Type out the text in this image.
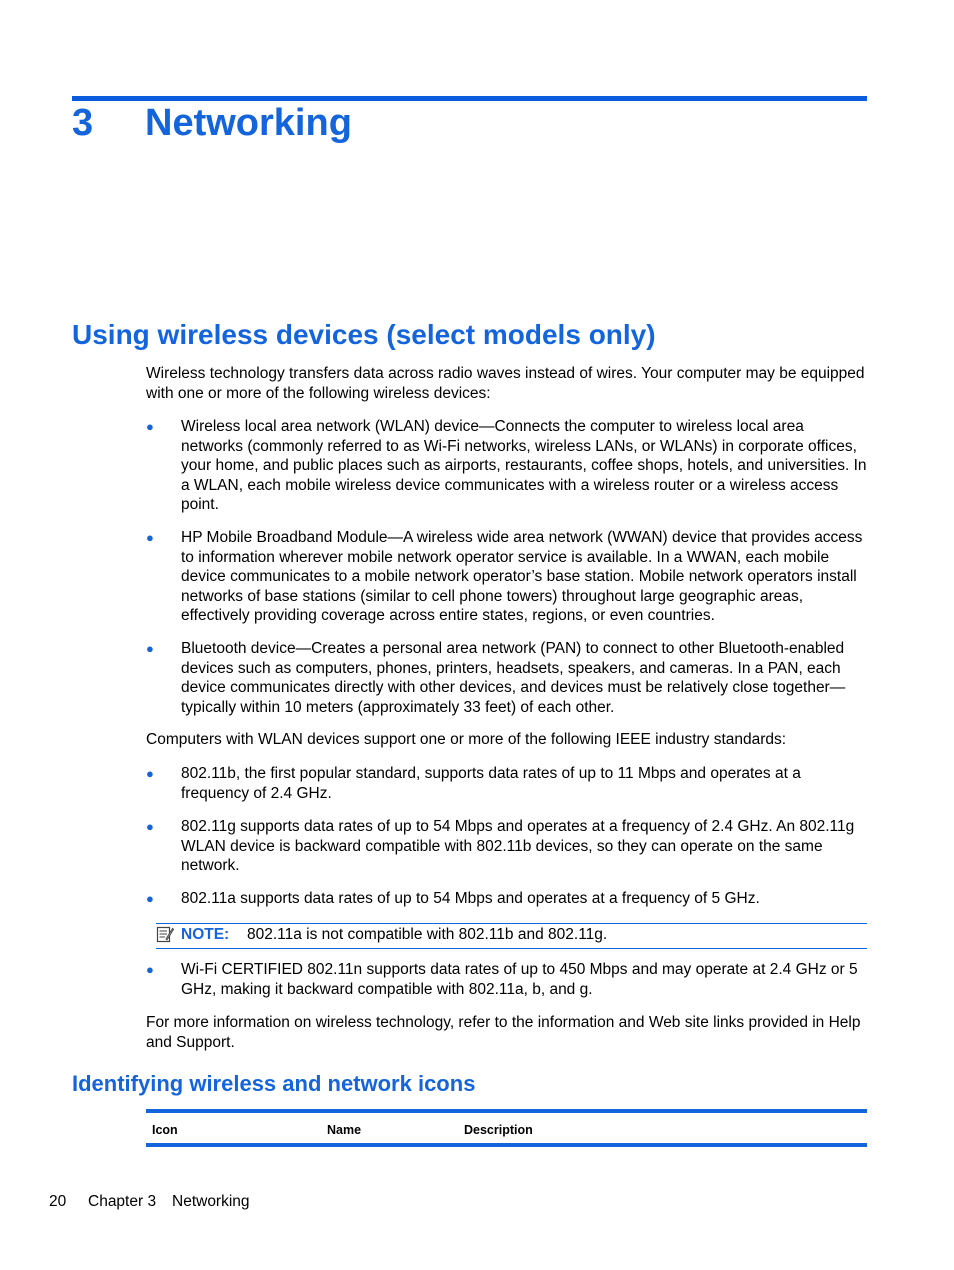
3 Networking
Using wireless devices (select models only)

Wireless technology transfers data across radio waves instead of wires. Your computer may be equipped with one or more of the following wireless devices:

● Wireless local area network (WLAN) device—Connects the computer to wireless local area networks (commonly referred to as Wi-Fi networks, wireless LANs, or WLANs) in corporate offices, your home, and public places such as airports, restaurants, coffee shops, hotels, and universities. In a WLAN, each mobile wireless device communicates with a wireless router or a wireless access point.
● HP Mobile Broadband Module—A wireless wide area network (WWAN) device that provides access to information wherever mobile network operator service is available. In a WWAN, each mobile device communicates to a mobile network operator’s base station. Mobile network operators install networks of base stations (similar to cell phone towers) throughout large geographic areas, effectively providing coverage across entire states, regions, or even countries.
● Bluetooth device—Creates a personal area network (PAN) to connect to other Bluetooth-enabled devices such as computers, phones, printers, headsets, speakers, and cameras. In a PAN, each device communicates directly with other devices, and devices must be relatively close together—typically within 10 meters (approximately 33 feet) of each other.

Computers with WLAN devices support one or more of the following IEEE industry standards:

● 802.11b, the first popular standard, supports data rates of up to 11 Mbps and operates at a frequency of 2.4 GHz.
● 802.11g supports data rates of up to 54 Mbps and operates at a frequency of 2.4 GHz. An 802.11g WLAN device is backward compatible with 802.11b devices, so they can operate on the same network.
● 802.11a supports data rates of up to 54 Mbps and operates at a frequency of 5 GHz.
NOTE: 802.11a is not compatible with 802.11b and 802.11g.
● Wi-Fi CERTIFIED 802.11n supports data rates of up to 450 Mbps and may operate at 2.4 GHz or 5 GHz, making it backward compatible with 802.11a, b, and g.

For more information on wireless technology, refer to the information and Web site links provided in Help and Support.

Identifying wireless and network icons
Icon	Name	Description
20 Chapter 3 Networking
